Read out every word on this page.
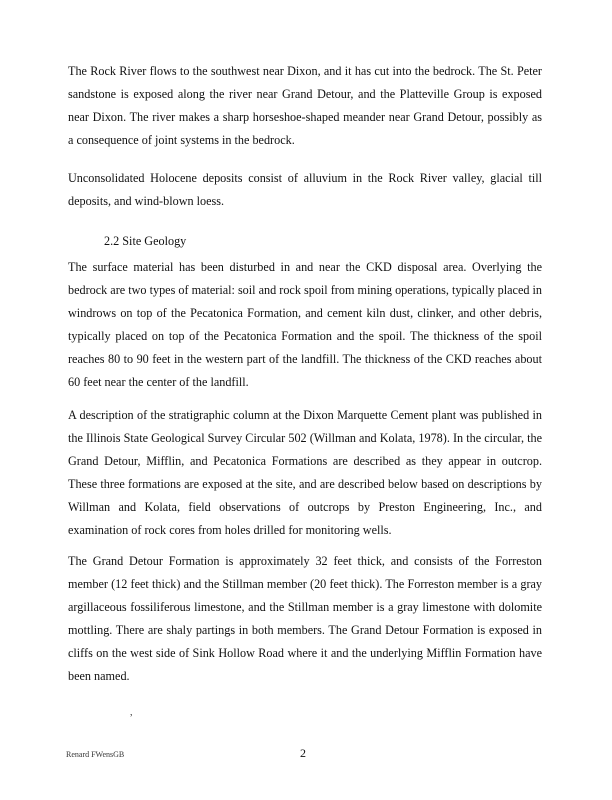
The Rock River flows to the southwest near Dixon, and it has cut into the bedrock. The St. Peter sandstone is exposed along the river near Grand Detour, and the Platteville Group is exposed near Dixon. The river makes a sharp horseshoe-shaped meander near Grand Detour, possibly as a consequence of joint systems in the bedrock.

Unconsolidated Holocene deposits consist of alluvium in the Rock River valley, glacial till deposits, and wind-blown loess.

2.2 Site Geology

The surface material has been disturbed in and near the CKD disposal area. Overlying the bedrock are two types of material: soil and rock spoil from mining operations, typically placed in windrows on top of the Pecatonica Formation, and cement kiln dust, clinker, and other debris, typically placed on top of the Pecatonica Formation and the spoil. The thickness of the spoil reaches 80 to 90 feet in the western part of the landfill. The thickness of the CKD reaches about 60 feet near the center of the landfill.

A description of the stratigraphic column at the Dixon Marquette Cement plant was published in the Illinois State Geological Survey Circular 502 (Willman and Kolata, 1978). In the circular, the Grand Detour, Mifflin, and Pecatonica Formations are described as they appear in outcrop. These three formations are exposed at the site, and are described below based on descriptions by Willman and Kolata, field observations of outcrops by Preston Engineering, Inc., and examination of rock cores from holes drilled for monitoring wells.

The Grand Detour Formation is approximately 32 feet thick, and consists of the Forreston member (12 feet thick) and the Stillman member (20 feet thick). The Forreston member is a gray argillaceous fossiliferous limestone, and the Stillman member is a gray limestone with dolomite mottling. There are shaly partings in both members. The Grand Detour Formation is exposed in cliffs on the west side of Sink Hollow Road where it and the underlying Mifflin Formation have been named.

,
Renard FWensGB	2
